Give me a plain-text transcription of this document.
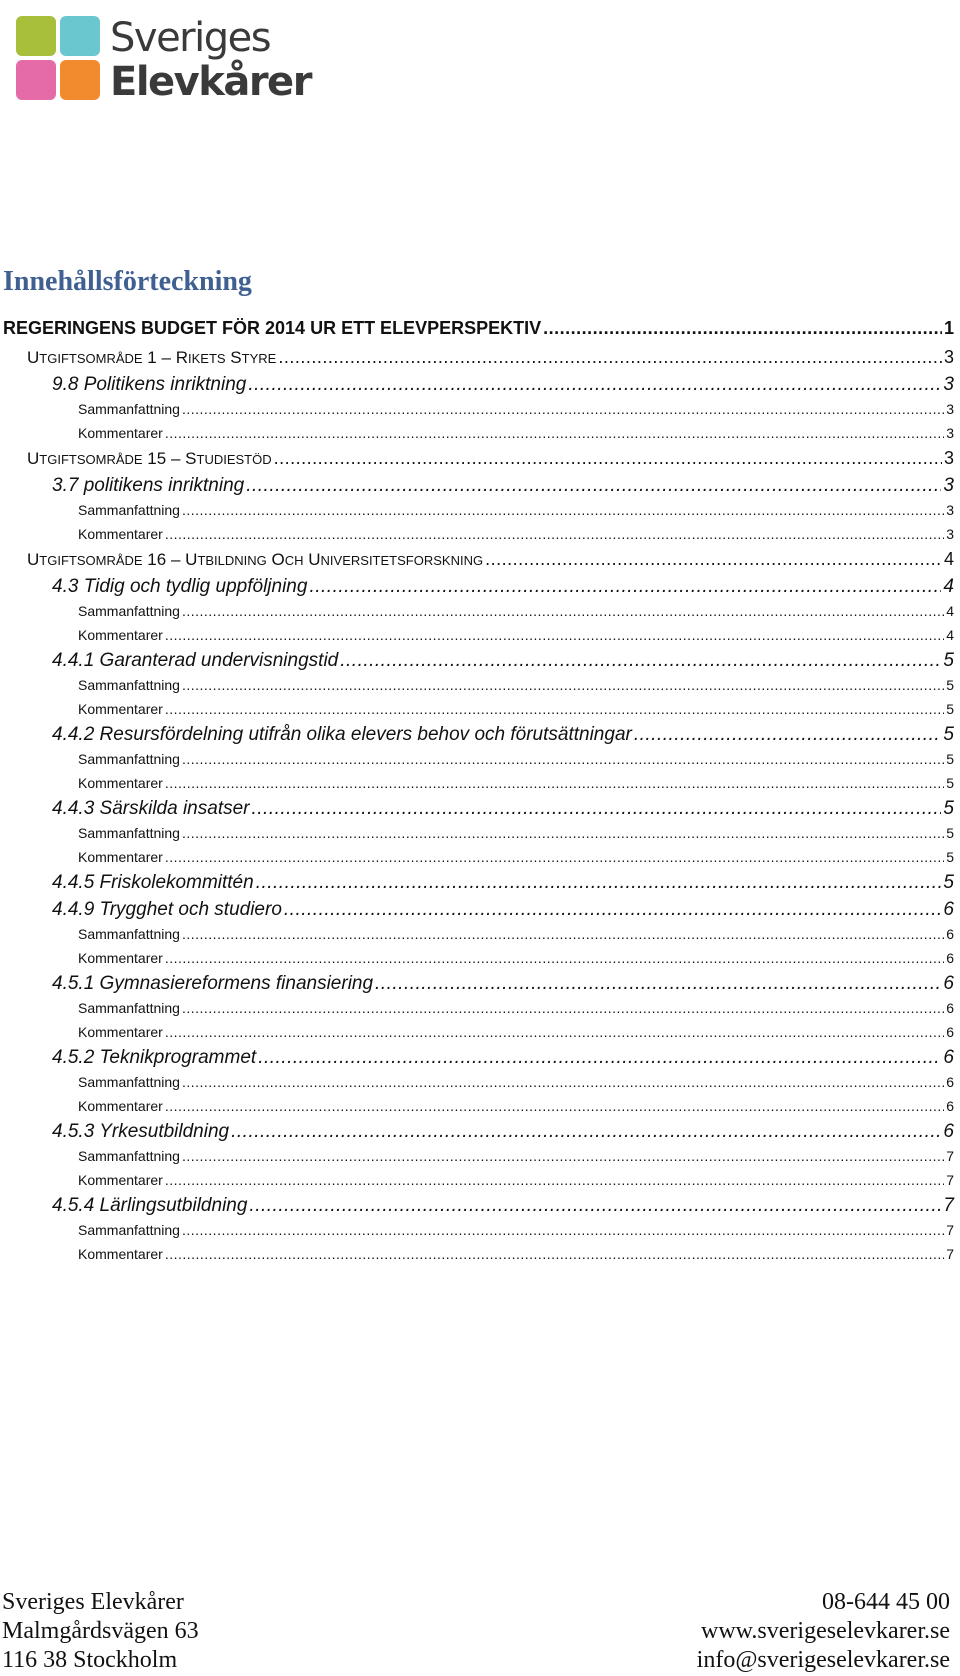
Sveriges
Elevkårer
Innehållsförteckning
REGERINGENS BUDGET FÖR 2014 UR ETT ELEVPERSPEKTIV .....	1
UTGIFTSOMRÅDE 1 – RIKETS STYRE .....	3
9.8 Politikens inriktning .....	3
Sammanfattning .....	3
Kommentarer .....	3
UTGIFTSOMRÅDE 15 – STUDIESTÖD .....	3
3.7 politikens inriktning .....	3
Sammanfattning .....	3
Kommentarer .....	3
UTGIFTSOMRÅDE 16 – UTBILDNING OCH UNIVERSITETSFORSKNING .....	4
4.3 Tidig och tydlig uppföljning .....	4
Sammanfattning .....	4
Kommentarer .....	4
4.4.1 Garanterad undervisningstid .....	5
Sammanfattning .....	5
Kommentarer .....	5
4.4.2 Resursfördelning utifrån olika elevers behov och förutsättningar .....	5
Sammanfattning .....	5
Kommentarer .....	5
4.4.3 Särskilda insatser .....	5
Sammanfattning .....	5
Kommentarer .....	5
4.4.5 Friskolekommittén .....	5
4.4.9 Trygghet och studiero .....	6
Sammanfattning .....	6
Kommentarer .....	6
4.5.1 Gymnasiereformens finansiering .....	6
Sammanfattning .....	6
Kommentarer .....	6
4.5.2 Teknikprogrammet .....	6
Sammanfattning .....	6
Kommentarer .....	6
4.5.3 Yrkesutbildning .....	6
Sammanfattning .....	7
Kommentarer .....	7
4.5.4 Lärlingsutbildning .....	7
Sammanfattning .....	7
Kommentarer .....	7
Sveriges Elevkårer
Malmgårdsvägen 63
116 38 Stockholm
08-644 45 00
www.sverigeselevkarer.se
info@sverigeselevkarer.se
